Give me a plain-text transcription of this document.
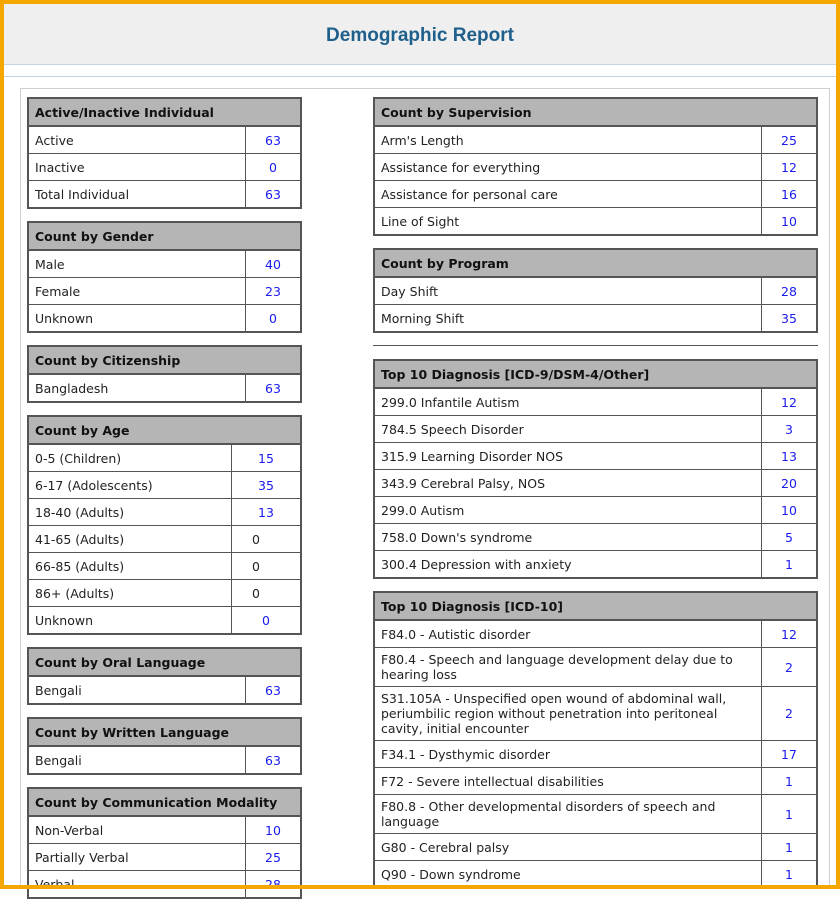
Demographic Report
Active/Inactive Individual	
Active	63
Inactive	0
Total Individual	63
Count by Gender	
Male	40
Female	23
Unknown	0
Count by Citizenship
Bangladesh	63
Count by Age	
0-5 (Children)	15
6-17 (Adolescents)	35
18-40 (Adults)	13
41-65 (Adults)	0
66-85 (Adults)	0
86+ (Adults)	0
Unknown	0
Count by Oral Language
Bengali	63
Count by Written Language
Bengali	63
Count by Communication Modality	
Non-Verbal	10
Partially Verbal	25
Verbal	28
Count by Supervision	
Arm's Length	25
Assistance for everything	12
Assistance for personal care	16
Line of Sight	10
Count by Program	
Day Shift	28
Morning Shift	35
Top 10 Diagnosis [ICD-9/DSM-4/Other]	
299.0 Infantile Autism	12
784.5 Speech Disorder	3
315.9 Learning Disorder NOS	13
343.9 Cerebral Palsy, NOS	20
299.0 Autism	10
758.0 Down's syndrome	5
300.4 Depression with anxiety	1
Top 10 Diagnosis [ICD-10]	
F84.0 - Autistic disorder	12
F80.4 - Speech and language development delay due to hearing loss	2
S31.105A - Unspecified open wound of abdominal wall, periumbilic region without penetration into peritoneal cavity, initial encounter	2
F34.1 - Dysthymic disorder	17
F72 - Severe intellectual disabilities	1
F80.8 - Other developmental disorders of speech and language	1
G80 - Cerebral palsy	1
Q90 - Down syndrome	1
